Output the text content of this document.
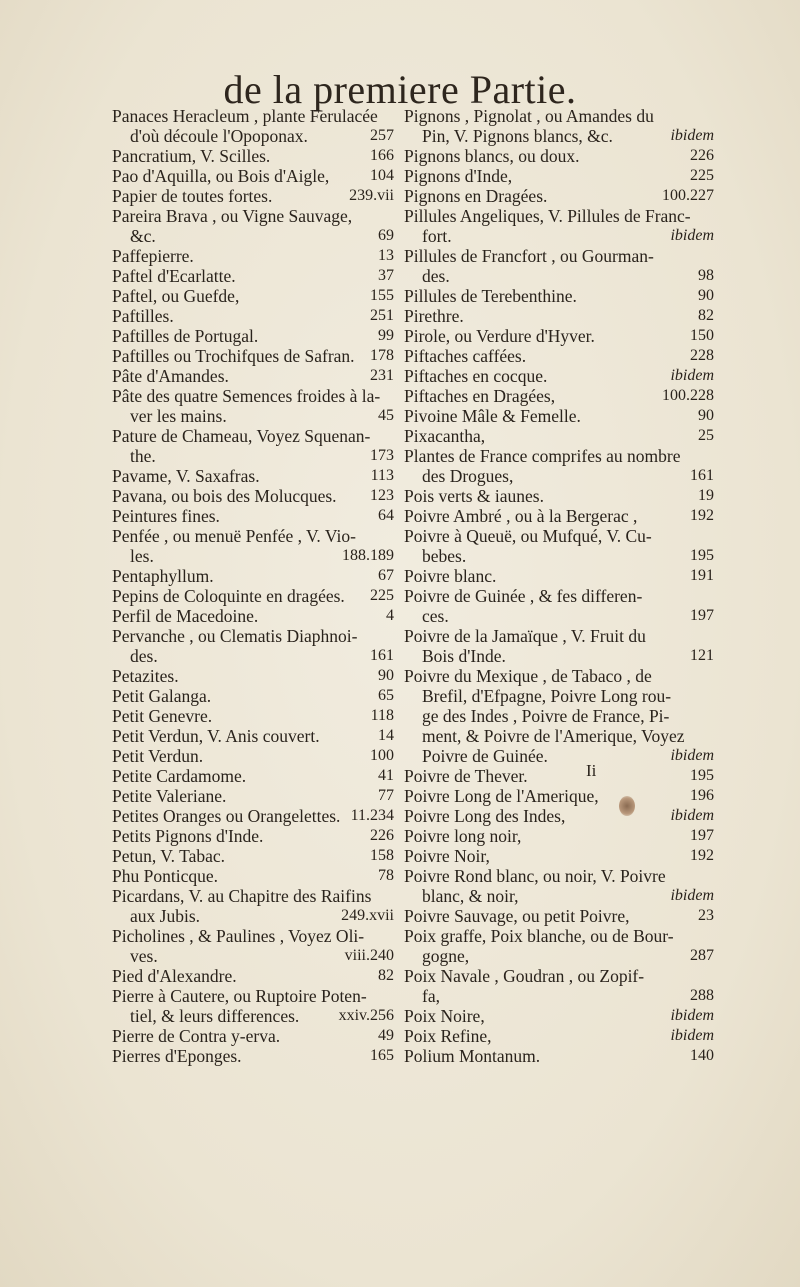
de la premiere Partie.
Panaces Heracleum , plante Ferulacée
d'où découle l'Opoponax.	257
Pancratium, V. Scilles.	166
Pao d'Aquilla, ou Bois d'Aigle,	104
Papier de toutes fortes.	239.vii
Pareira Brava , ou Vigne Sauvage,
&c.	69
Paffepierre.	13
Paftel d'Ecarlatte.	37
Paftel, ou Guefde,	155
Paftilles.	251
Paftilles de Portugal.	99
Paftilles ou Trochifques de Safran. 178
Pâte d'Amandes.	231
Pâte des quatre Semences froides à la-
ver les mains.	45
Pature de Chameau, Voyez Squenan-
the.	173
Pavame, V. Saxafras.	113
Pavana, ou bois des Molucques.	123
Peintures fines.	64
Penfée , ou menuë Penfée , V. Vio-
les.	188.189
Pentaphyllum.	67
Pepins de Coloquinte en dragées.	225
Perfil de Macedoine.	4
Pervanche , ou Clematis Diaphnoi-
des.	161
Petazites.	90
Petit Galanga.	65
Petit Genevre.	118
Petit Verdun, V. Anis couvert.	14
Petit Verdun.	100
Petite Cardamome.	41
Petite Valeriane.	77
Petites Oranges ou Orangelettes. 11.234
Petits Pignons d'Inde.	226
Petun, V. Tabac.	158
Phu Ponticque.	78
Picardans, V. au Chapitre des Raifins
aux Jubis.	249.xvii
Picholines , & Paulines , Voyez Oli-
ves.	viii.240
Pied d'Alexandre.	82
Pierre à Cautere, ou Ruptoire Poten-
tiel, & leurs differences.	xxiv.256
Pierre de Contra y-erva.	49
Pierres d'Eponges.	165
Pignons , Pignolat , ou Amandes du
Pin, V. Pignons blancs, &c.	ibidem
Pignons blancs, ou doux.	226
Pignons d'Inde,	225
Pignons en Dragées.	100.227
Pillules Angeliques, V. Pillules de Franc-
fort.	ibidem
Pillules de Francfort , ou Gourman-
des.	98
Pillules de Terebenthine.	90
Pirethre.	82
Pirole, ou Verdure d'Hyver.	150
Piftaches caffées.	228
Piftaches en cocque.	ibidem
Piftaches en Dragées,	100.228
Pivoine Mâle & Femelle.	90
Pixacantha,	25
Plantes de France comprifes au nombre
des Drogues,	161
Pois verts & iaunes.	19
Poivre Ambré , ou à la Bergerac ,	192
Poivre à Queuë, ou Mufqué, V. Cu-
bebes.	195
Poivre blanc.	191
Poivre de Guinée , & fes differen-
ces.	197
Poivre de la Jamaïque , V. Fruit du
Bois d'Inde.	121
Poivre du Mexique , de Tabaco , de
Brefil, d'Efpagne, Poivre Long rou-
ge des Indes , Poivre de France, Pi-
ment, & Poivre de l'Amerique, Voyez
Poivre de Guinée.	ibidem
Poivre de Thever.	195
Poivre Long de l'Amerique,	196
Poivre Long des Indes,	ibidem
Poivre long noir,	197
Poivre Noir,	192
Poivre Rond blanc, ou noir, V. Poivre
blanc, & noir,	ibidem
Poivre Sauvage, ou petit Poivre,	23
Poix graffe, Poix blanche, ou de Bour-
gogne,	287
Poix Navale , Goudran , ou Zopif-
fa,	288
Poix Noire,	ibidem
Poix Refine,	ibidem
Polium Montanum.	140
Ii
